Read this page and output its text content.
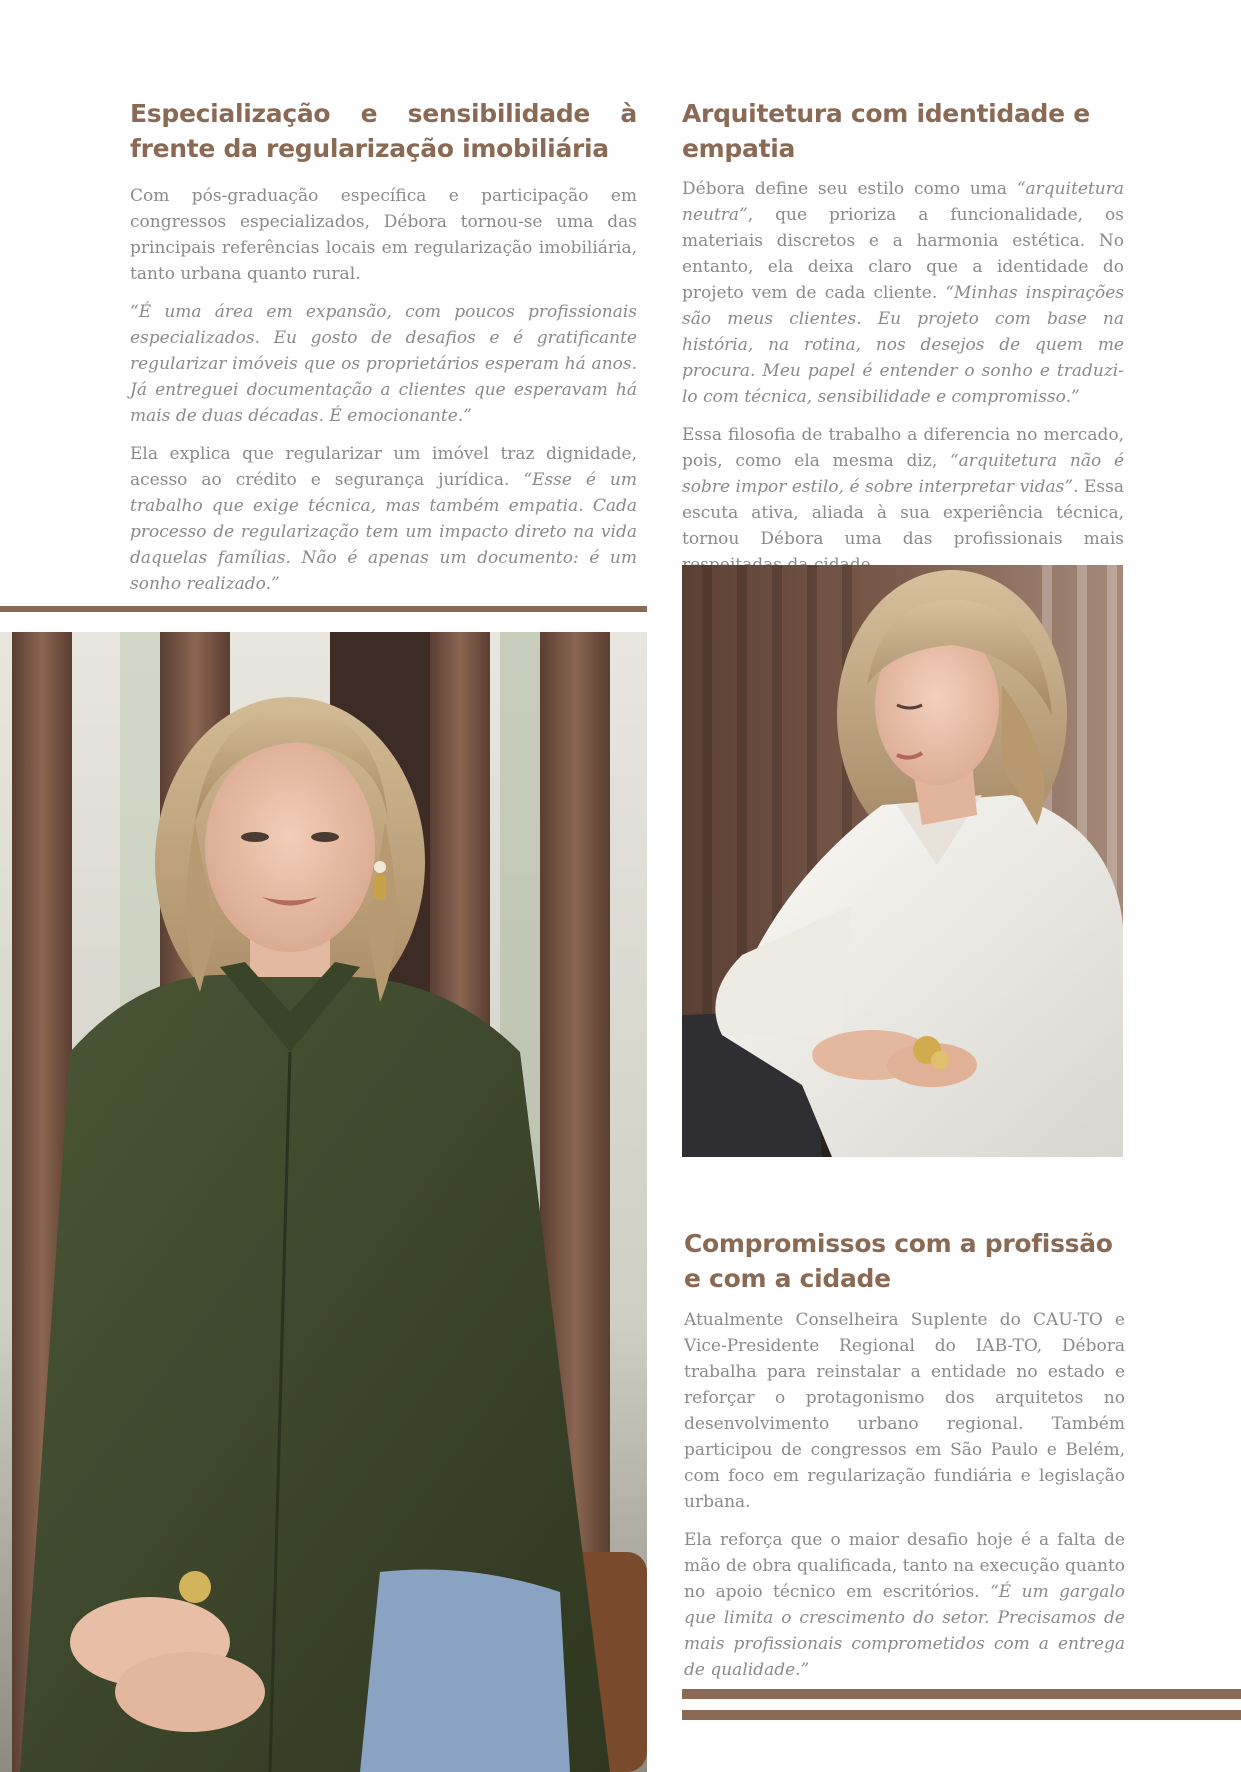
Especialização e sensibilidade à frente da regularização imobiliária

Com pós-graduação específica e participação em congressos especializados, Débora tornou-se uma das principais referências locais em regularização imobiliária, tanto urbana quanto rural.

“É uma área em expansão, com poucos profissionais especializados. Eu gosto de desafios e é gratificante regularizar imóveis que os proprietários esperam há anos. Já entreguei documentação a clientes que esperavam há mais de duas décadas. É emocionante.”

Ela explica que regularizar um imóvel traz dignidade, acesso ao crédito e segurança jurídica. “Esse é um trabalho que exige técnica, mas também empatia. Cada processo de regularização tem um impacto direto na vida daquelas famílias. Não é apenas um documento: é um sonho realizado.”

Arquitetura com identidade e empatia

Débora define seu estilo como uma “arquitetura neutra”, que prioriza a funcionalidade, os materiais discretos e a harmonia estética. No entanto, ela deixa claro que a identidade do projeto vem de cada cliente. “Minhas inspirações são meus clientes. Eu projeto com base na história, na rotina, nos desejos de quem me procura. Meu papel é entender o sonho e traduzi-lo com técnica, sensibilidade e compromisso.”

Essa filosofia de trabalho a diferencia no mercado, pois, como ela mesma diz, “arquitetura não é sobre impor estilo, é sobre interpretar vidas”. Essa escuta ativa, aliada à sua experiência técnica, tornou Débora uma das profissionais mais

Compromissos com a profissão e com a cidade

Atualmente Conselheira Suplente do CAU-TO e Vice-Presidente Regional do IAB-TO, Débora trabalha para reinstalar a entidade no estado e reforçar o protagonismo dos arquitetos no desenvolvimento urbano regional. Também participou de congressos em São Paulo e Belém, com foco em regularização fundiária e legislação urbana.

Ela reforça que o maior desafio hoje é a falta de mão de obra qualificada, tanto na execução quanto no apoio técnico em escritórios. “É um gargalo que limita o crescimento do setor. Precisamos de mais profissionais comprometidos com a entrega de qualidade.”
